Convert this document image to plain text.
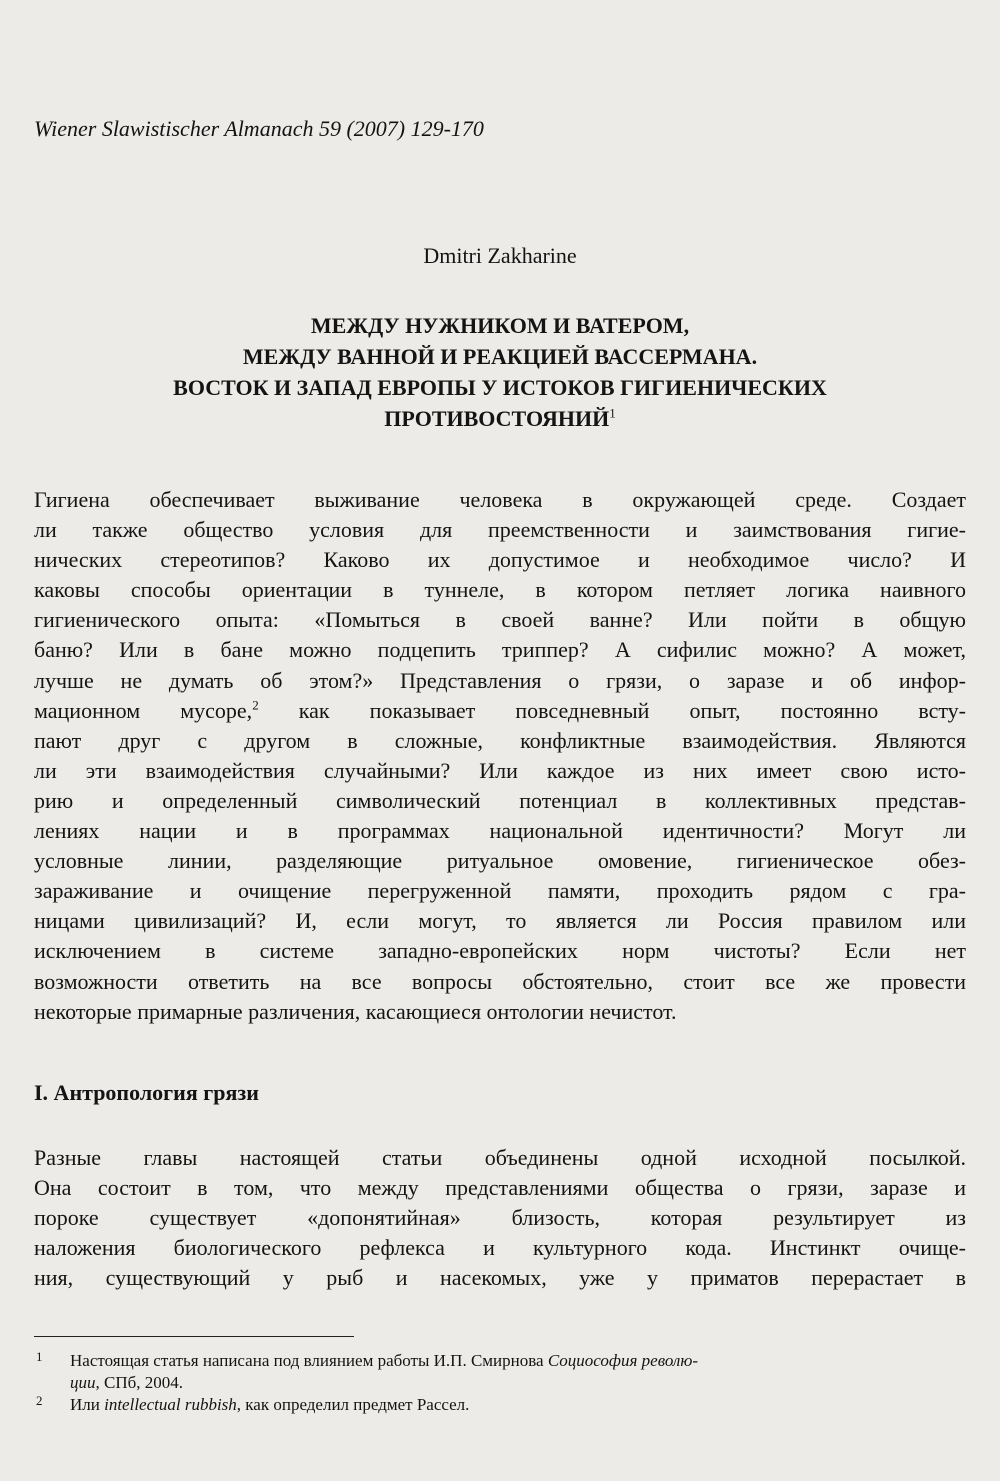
Wiener Slawistischer Almanach 59 (2007) 129-170
Dmitri Zakharine
МЕЖДУ НУЖНИКОМ И ВАТЕРОМ,
МЕЖДУ ВАННОЙ И РЕАКЦИЕЙ ВАССЕРМАНА.
ВОСТОК И ЗАПАД ЕВРОПЫ У ИСТОКОВ ГИГИЕНИЧЕСКИХ
ПРОТИВОСТОЯНИЙ$^1$
Гигиена обеспечивает выживание человека в окружающей среде. Создает
ли также общество условия для преемственности и заимствования гигие-
нических стереотипов? Каково их допустимое и необходимое число? И
каковы способы ориентации в туннеле, в котором петляет логика наивного
гигиенического опыта: «Помыться в своей ванне? Или пойти в общую
баню? Или в бане можно подцепить триппер? А сифилис можно? А может,
лучше не думать об этом?» Представления о грязи, о заразе и об инфор-
мационном мусоре,$^2$ как показывает повседневный опыт, постоянно всту-
пают друг с другом в сложные, конфликтные взаимодействия. Являются
ли эти взаимодействия случайными? Или каждое из них имеет свою исто-
рию и определенный символический потенциал в коллективных представ-
лениях нации и в программах национальной идентичности? Могут ли
условные линии, разделяющие ритуальное омовение, гигиеническое обез-
зараживание и очищение перегруженной памяти, проходить рядом с гра-
ницами цивилизаций? И, если могут, то является ли Россия правилом или
исключением в системе западно-европейских норм чистоты? Если нет
возможности ответить на все вопросы обстоятельно, стоит все же провести
некоторые примарные различения, касающиеся онтологии нечистот.
I. Антропология грязи
Разные главы настоящей статьи объединены одной исходной посылкой.
Она состоит в том, что между представлениями общества о грязи, заразе и
пороке существует «допонятийная» близость, которая результирует из
наложения биологического рефлекса и культурного кода. Инстинкт очище-
ния, существующий у рыб и насекомых, уже у приматов перерастает в
1 Настоящая статья написана под влиянием работы И.П. Смирнова Социософия револю-
ции, СПб, 2004.
2 Или intellectual rubbish, как определил предмет Рассел.
